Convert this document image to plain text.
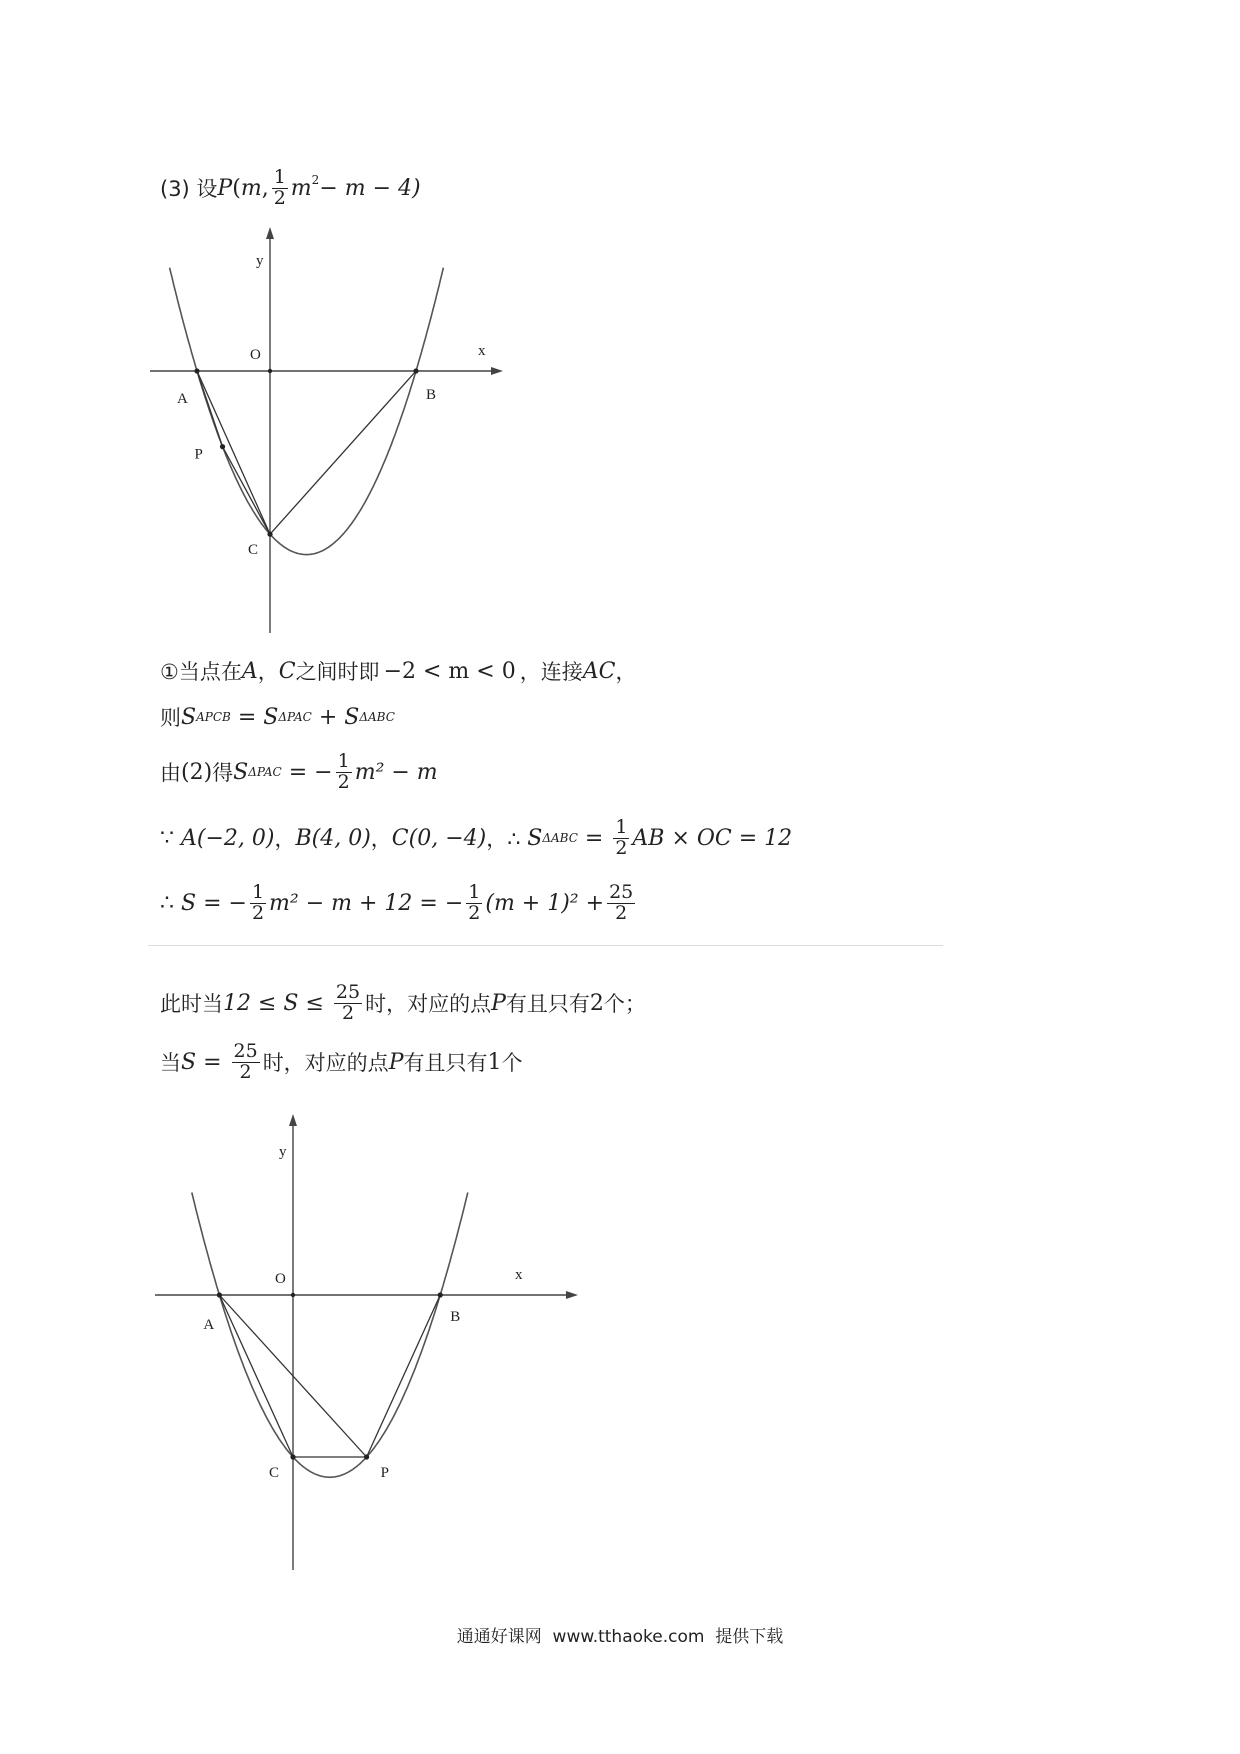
(3) 设 P ( m , $\frac{1}{2} m^2 - m - 4$)
y
x
O
A	B
C
P
①当点在 A ， C 之间时即 −2 < m < 0 ，连接 AC ，
则 S APCB = S ΔPAC + S ΔABC
由 (2) 得 S ΔPAC = − $\frac{1}{2} m^2 - m$
∵ A(−2, 0) ， B(4, 0) ， C(0, −4) ，∴ S $\Delta ABC = \frac{1}{2}$ AB × OC = 12
∴ S = − $\frac{1}{2} m^2 - m + 12$ = − $\frac{1}{2} (m + 1)^2 + \frac{25}{2}$
此时当 $12 \le S \le \frac{25}{2}$ 时，对应的点 P 有且只有 2 个；
当 $S = \frac{25}{2}$ 时，对应的点 P 有且只有 1 个
y
x
O
A	B
C	P
通通好课网  www.tthaoke.com  提供下载
